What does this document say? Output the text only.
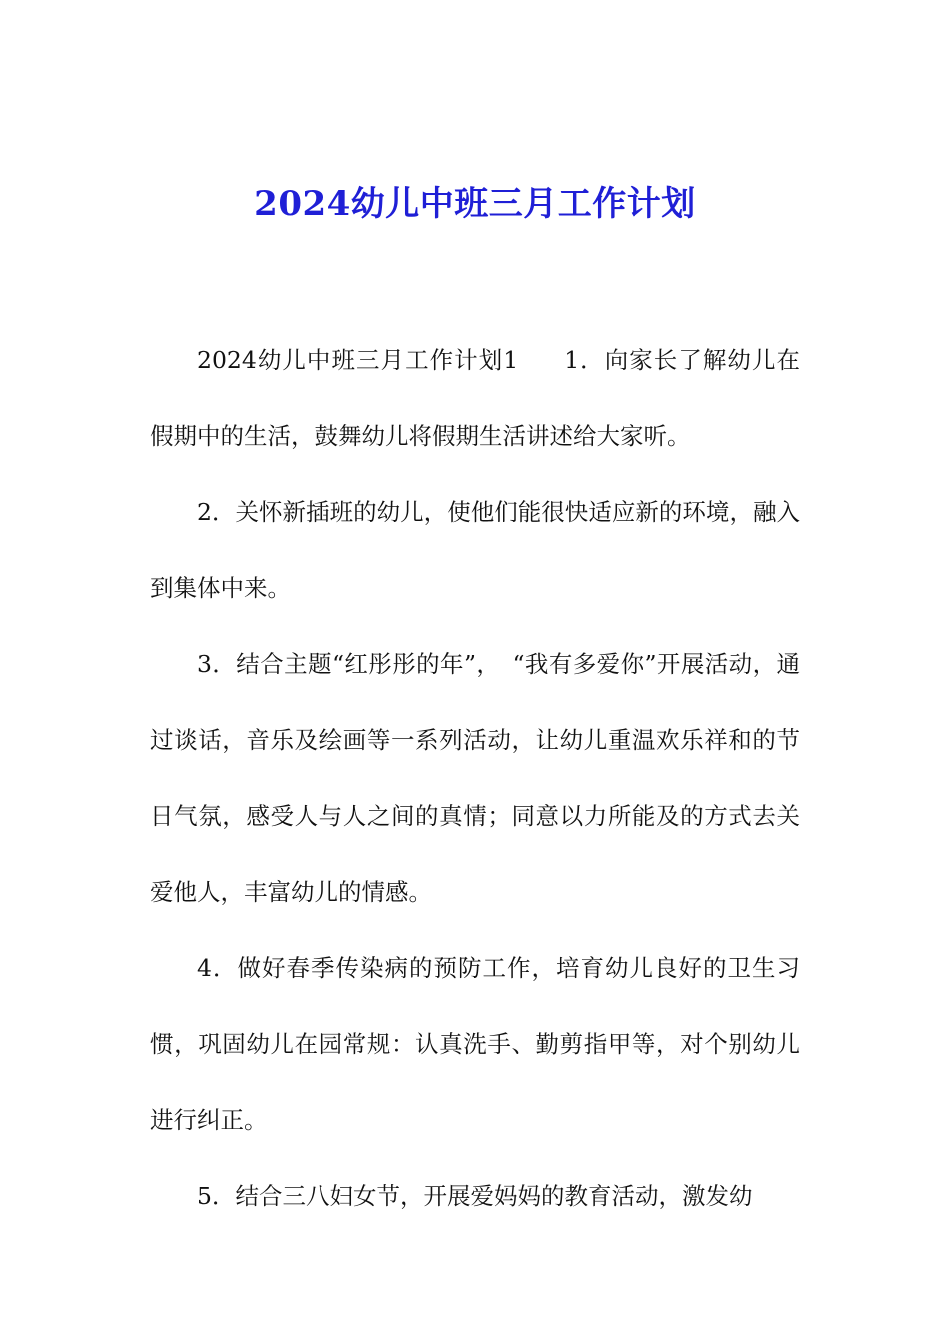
2024幼儿中班三月工作计划

2024幼儿中班三月工作计划1 1．向家长了解幼儿在假期中的生活，鼓舞幼儿将假期生活讲述给大家听。

2．关怀新插班的幼儿，使他们能很快适应新的环境，融入到集体中来。

3．结合主题“红彤彤的年”，　“我有多爱你”开展活动，通过谈话，音乐及绘画等一系列活动，让幼儿重温欢乐祥和的节日气氛，感受人与人之间的真情；同意以力所能及的方式去关爱他人，丰富幼儿的情感。

4．做好春季传染病的预防工作，培育幼儿良好的卫生习惯，巩固幼儿在园常规：认真洗手、勤剪指甲等，对个别幼儿进行纠正。

5．结合三八妇女节，开展爱妈妈的教育活动，激发幼
